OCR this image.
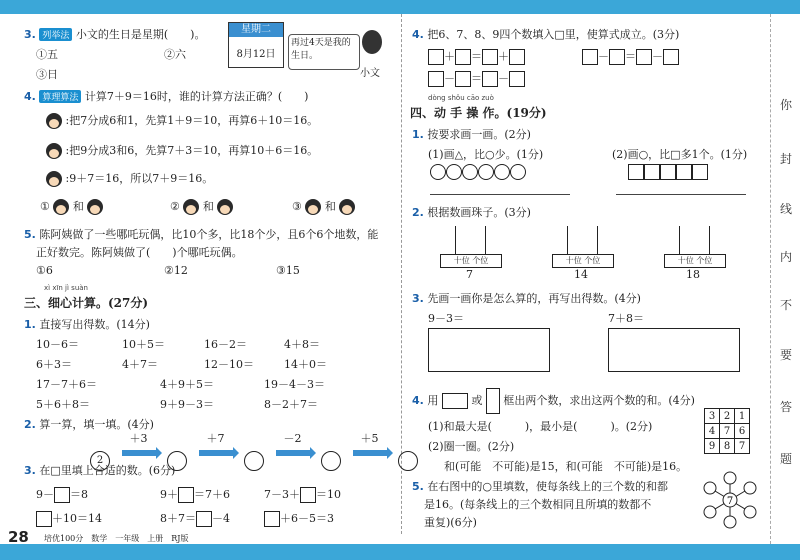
3. 列举法 小文的生日是星期(　　)。
①五	②六
③日
星期二
8月12日
再过4天是我的生日。
小文
4. 算理算法 计算7＋9＝16时，谁的计算方法正确？(　　)
:把7分成6和1，先算1＋9＝10，再算6＋10＝16。
:把9分成3和6，先算7＋3＝10，再算10＋6＝16。
:9＋7＝16，所以7＋9＝16。
① 和	② 和	③ 和
5. 陈阿姨做了一些哪吒玩偶，比10个多，比18个少，且6个6个地数，能
正好数完。陈阿姨做了(　　)个哪吒玩偶。
①6	②12	③15
xì xīn jì suàn
三、细心计算。(27分)
1. 直接写出得数。(14分)
10－6＝	10＋5＝	16－2＝	4＋8＝
6＋3＝	4＋7＝	12－10＝	14＋0＝
17－7＋6＝	4＋9＋5＝	19－4－3＝
5＋6＋8＝	9＋9－3＝	8－2＋7＝
2. 算一算，填一填。(4分)
2 ＋3	＋7	－2	＋5

3. 在□里填上合适的数。(6分)
9－ ＝8	9＋ ＝7＋6	7－3＋ ＝10
＋10＝14	8＋7＝ －4	＋6－5＝3
28 培优100分　数学　一年级　上册　RJ版
4. 把6、7、8、9四个数填入□里，使算式成立。(3分)
＋ ＝ ＋
－ ＝ －
－ ＝ －
dòng shǒu cāo zuò
四、动 手 操 作。(19分)
1. 按要求画一画。(2分)
(1)画△，比○少。(1分)	(2)画○，比□多1个。(1分)
2. 根据数画珠子。(3分)
十位 个位
7
十位 个位
14
十位 个位
18
3. 先画一画你是怎么算的，再写出得数。(4分)
9－3＝	7＋8＝
4. 用	或 框出两个数，求出这两个数的和。(4分)
(1)和最大是(　　　)，最小是(　　　)。(2分)
(2)圈一圈。(2分)
和(可能　不可能)是15，和(可能　不可能)是16。
3	2	1
4	7	6
9	8	7
5. 在右图中的○里填数，使每条线上的三个数的和都
是16。(每条线上的三个数相同且所填的数都不
重复)(6分)
7
你
封
线
内
不
要
答
题
